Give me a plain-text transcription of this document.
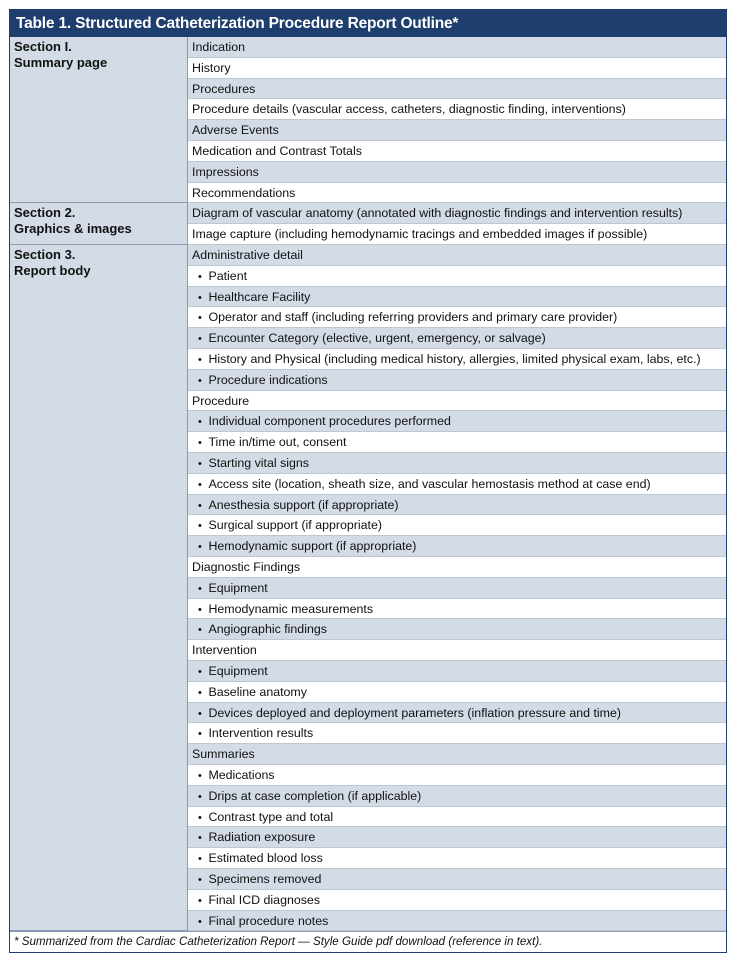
Table 1. Structured Catheterization Procedure Report Outline*
Section I.
Summary page
Indication
History
Procedures
Procedure details (vascular access, catheters, diagnostic finding, interventions)
Adverse Events
Medication and Contrast Totals
Impressions
Recommendations
Section 2.
Graphics & images
Diagram of vascular anatomy (annotated with diagnostic findings and intervention results)
Image capture (including hemodynamic tracings and embedded images if possible)
Section 3.
Report body
Administrative detail
• Patient
• Healthcare Facility
• Operator and staff (including referring providers and primary care provider)
• Encounter Category (elective, urgent, emergency, or salvage)
• History and Physical (including medical history, allergies, limited physical exam, labs, etc.)
• Procedure indications
Procedure
• Individual component procedures performed
• Time in/time out, consent
• Starting vital signs
• Access site (location, sheath size, and vascular hemostasis method at case end)
• Anesthesia support (if appropriate)
• Surgical support (if appropriate)
• Hemodynamic support (if appropriate)
Diagnostic Findings
• Equipment
• Hemodynamic measurements
• Angiographic findings
Intervention
• Equipment
• Baseline anatomy
• Devices deployed and deployment parameters (inflation pressure and time)
• Intervention results
Summaries
• Medications
• Drips at case completion (if applicable)
• Contrast type and total
• Radiation exposure
• Estimated blood loss
• Specimens removed
• Final ICD diagnoses
• Final procedure notes
* Summarized from the Cardiac Catheterization Report — Style Guide pdf download (reference in text).
